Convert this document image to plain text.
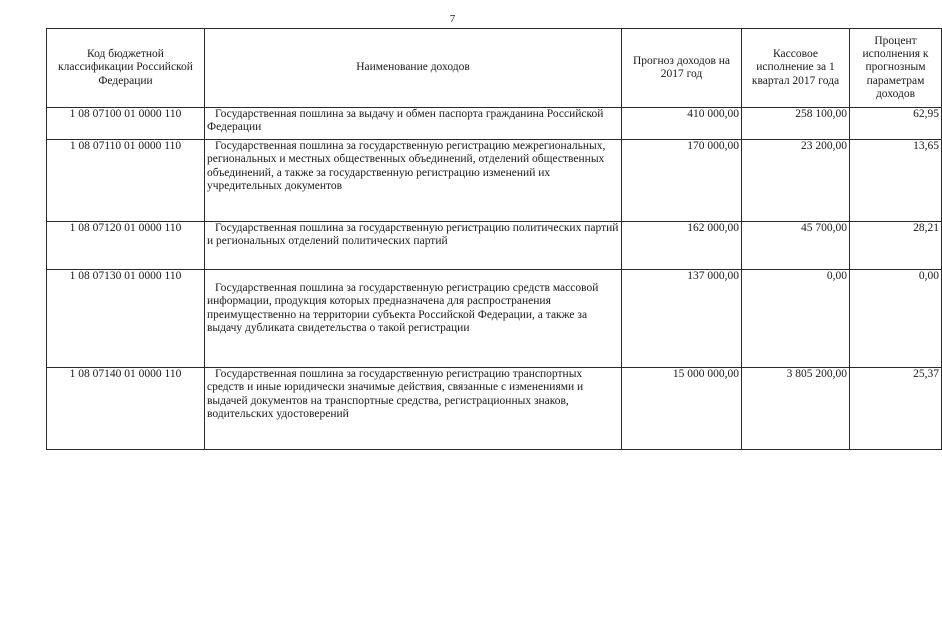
7
Код бюджетной классификации Российской Федерации	Наименование доходов	Прогноз доходов на 2017 год	Кассовое исполнение за 1 квартал 2017 года	Процент исполнения к прогнозным параметрам доходов
1 08 07100 01 0000 110	Государственная пошлина за выдачу и обмен паспорта гражданина Российской Федерации	410 000,00	258 100,00	62,95
1 08 07110 01 0000 110	Государственная пошлина за государственную регистрацию межрегиональных, региональных и местных общественных объединений, отделений общественных объединений, а также за государственную регистрацию изменений их учредительных документов	170 000,00	23 200,00	13,65
1 08 07120 01 0000 110	Государственная пошлина за государственную регистрацию политических партий и региональных отделений политических партий	162 000,00	45 700,00	28,21
1 08 07130 01 0000 110	Государственная пошлина за государственную регистрацию средств массовой информации, продукция которых предназначена для распространения преимущественно на территории субъекта Российской Федерации, а также за выдачу дубликата свидетельства о такой регистрации	137 000,00	0,00	0,00
1 08 07140 01 0000 110	Государственная пошлина за государственную регистрацию транспортных средств и иные юридически значимые действия, связанные с изменениями и выдачей документов на транспортные средства, регистрационных знаков, водительских удостоверений	15 000 000,00	3 805 200,00	25,37
